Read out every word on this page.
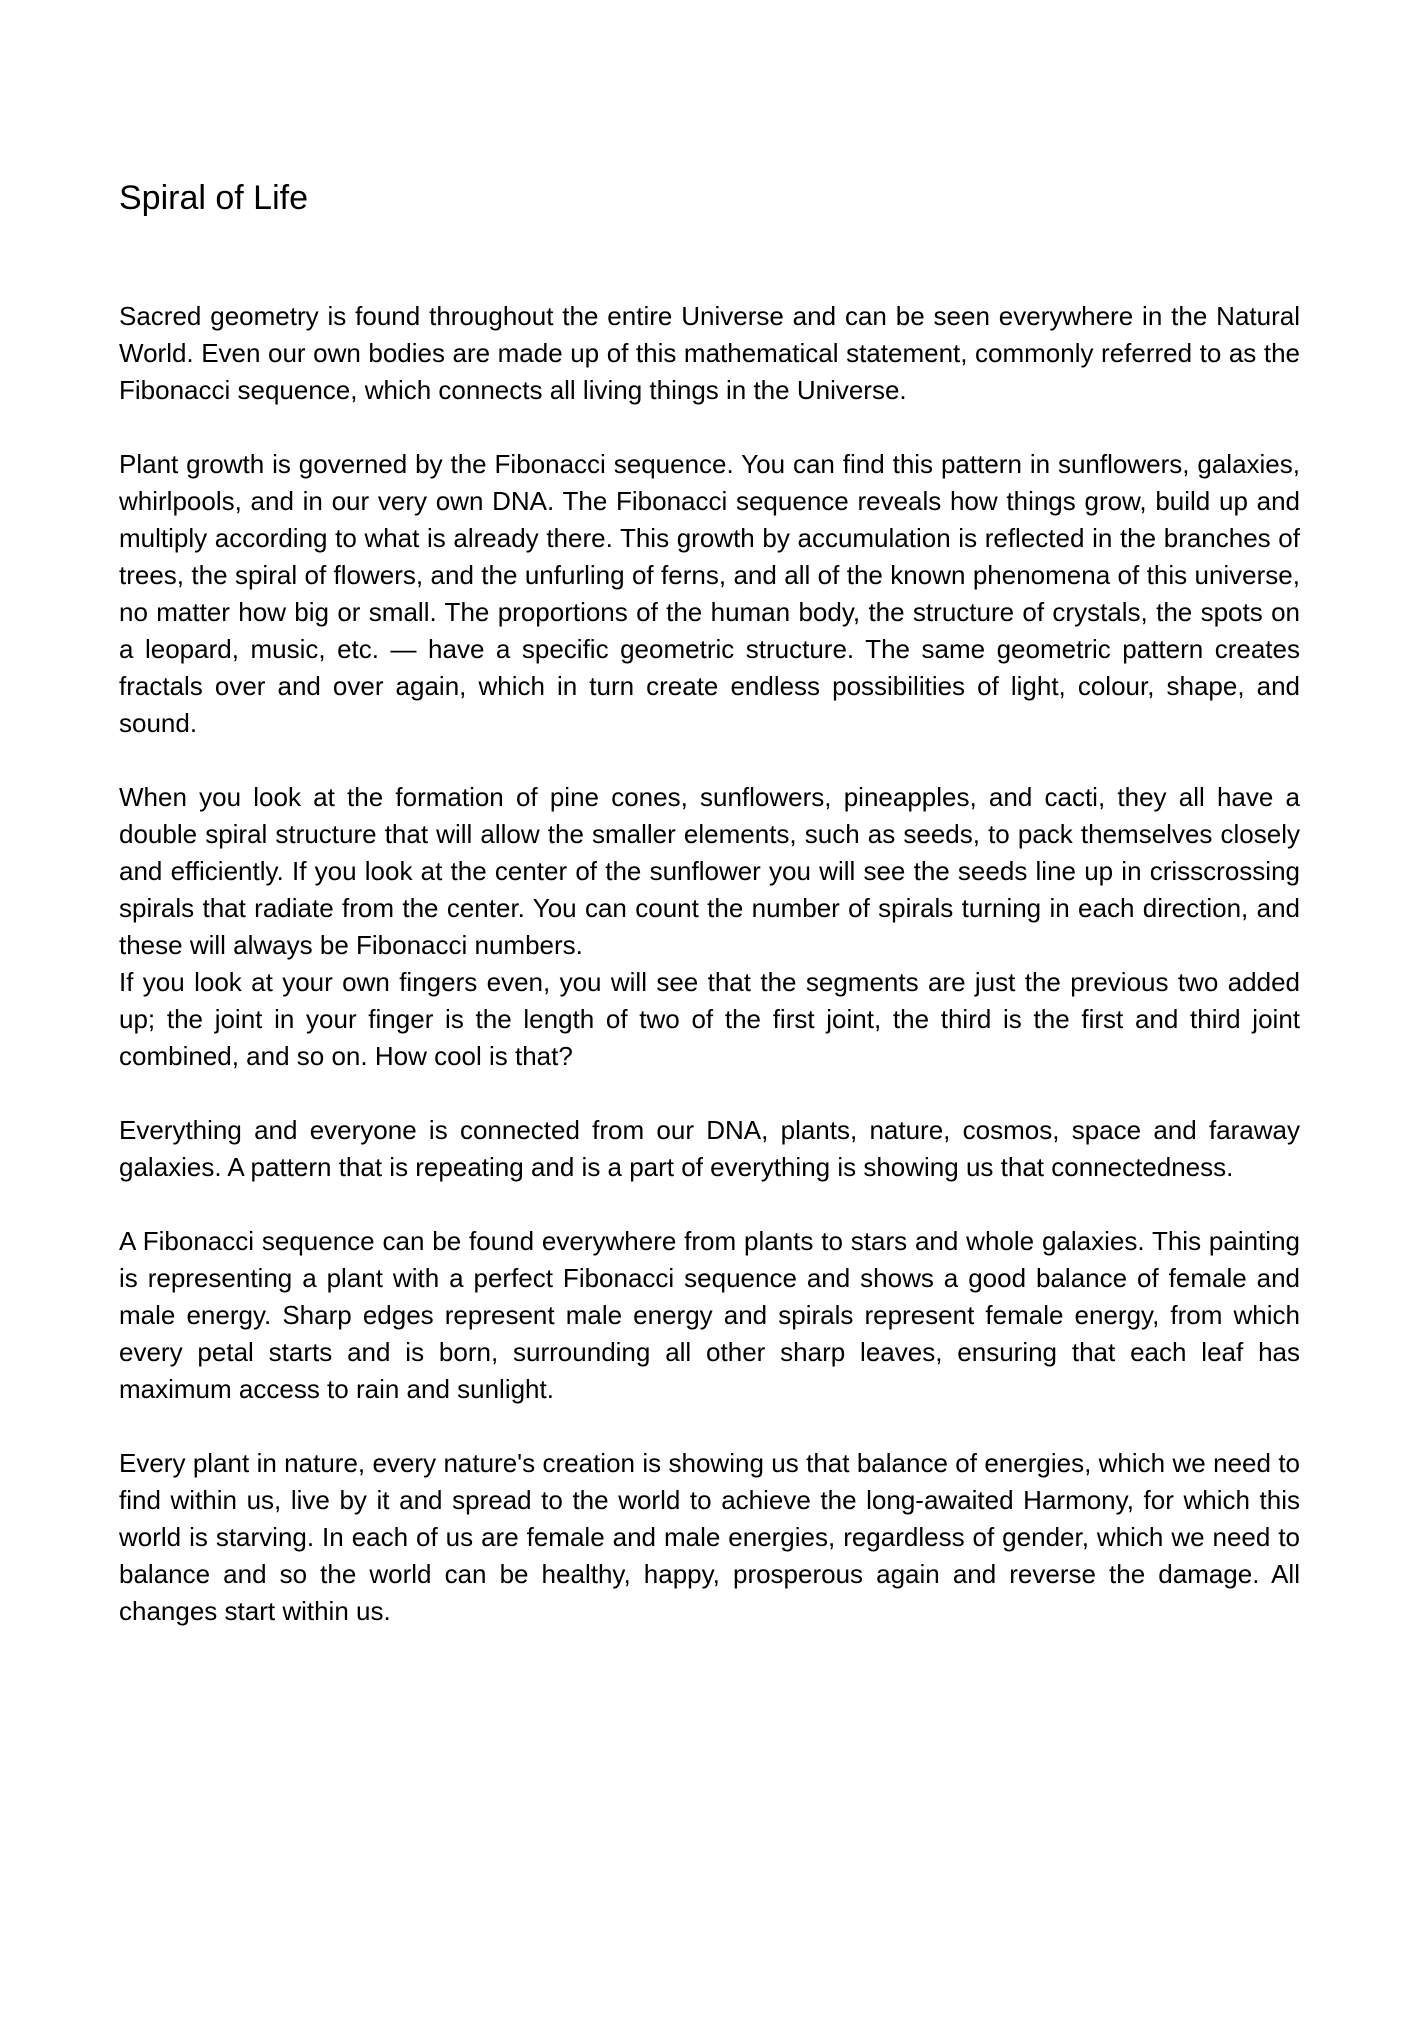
Spiral of Life

Sacred geometry is found throughout the entire Universe and can be seen everywhere in the Natural World. Even our own bodies are made up of this mathematical statement, commonly referred to as the Fibonacci sequence, which connects all living things in the Universe.

Plant growth is governed by the Fibonacci sequence. You can find this pattern in sunflowers, galaxies, whirlpools, and in our very own DNA. The Fibonacci sequence reveals how things grow, build up and multiply according to what is already there. This growth by accumulation is reflected in the branches of trees, the spiral of flowers, and the unfurling of ferns, and all of the known phenomena of this universe, no matter how big or small. The proportions of the human body, the structure of crystals, the spots on a leopard, music, etc. — have a specific geometric structure. The same geometric pattern creates fractals over and over again, which in turn create endless possibilities of light, colour, shape, and sound.

When you look at the formation of pine cones, sunflowers, pineapples, and cacti, they all have a double spiral structure that will allow the smaller elements, such as seeds, to pack themselves closely and efficiently. If you look at the center of the sunflower you will see the seeds line up in crisscrossing spirals that radiate from the center. You can count the number of spirals turning in each direction, and these will always be Fibonacci numbers.

If you look at your own fingers even, you will see that the segments are just the previous two added up; the joint in your finger is the length of two of the first joint, the third is the first and third joint combined, and so on. How cool is that?

Everything and everyone is connected from our DNA, plants, nature, cosmos, space and faraway galaxies. A pattern that is repeating and is a part of everything is showing us that connectedness.

A Fibonacci sequence can be found everywhere from plants to stars and whole galaxies. This painting is representing a plant with a perfect Fibonacci sequence and shows a good balance of female and male energy. Sharp edges represent male energy and spirals represent female energy, from which every petal starts and is born, surrounding all other sharp leaves, ensuring that each leaf has maximum access to rain and sunlight.

Every plant in nature, every nature's creation is showing us that balance of energies, which we need to find within us, live by it and spread to the world to achieve the long-awaited Harmony, for which this world is starving. In each of us are female and male energies, regardless of gender, which we need to balance and so the world can be healthy, happy, prosperous again and reverse the damage. All changes start within us.
